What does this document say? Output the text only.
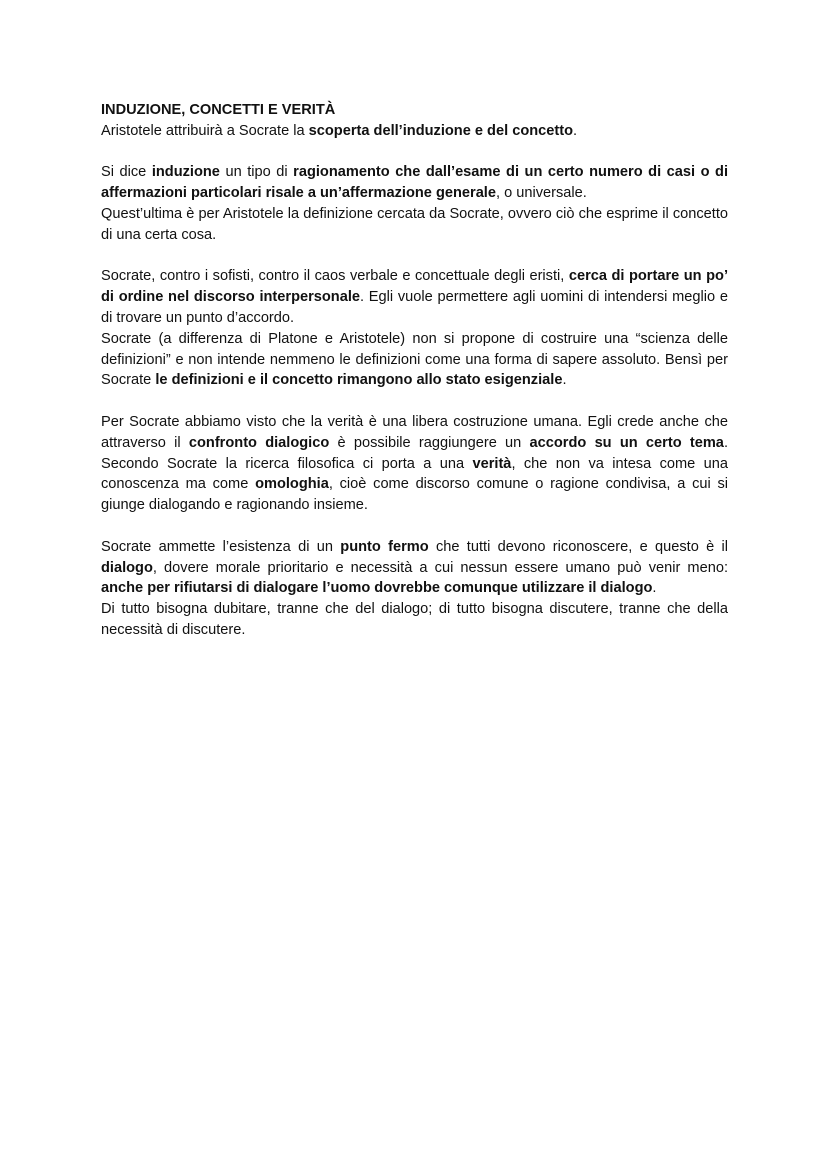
INDUZIONE, CONCETTI E VERITÀ

Aristotele attribuirà a Socrate la scoperta dell’induzione e del concetto.

Si dice induzione un tipo di ragionamento che dall’esame di un certo numero di casi o di affermazioni particolari risale a un’affermazione generale, o universale.

Quest’ultima è per Aristotele la definizione cercata da Socrate, ovvero ciò che esprime il concetto di una certa cosa.

Socrate, contro i sofisti, contro il caos verbale e concettuale degli eristi, cerca di portare un po’ di ordine nel discorso interpersonale. Egli vuole permettere agli uomini di intendersi meglio e di trovare un punto d’accordo.

Socrate (a differenza di Platone e Aristotele) non si propone di costruire una “scienza delle definizioni” e non intende nemmeno le definizioni come una forma di sapere assoluto. Bensì per Socrate le definizioni e il concetto rimangono allo stato esigenziale.

Per Socrate abbiamo visto che la verità è una libera costruzione umana. Egli crede anche che attraverso il confronto dialogico è possibile raggiungere un accordo su un certo tema. Secondo Socrate la ricerca filosofica ci porta a una verità, che non va intesa come una conoscenza ma come omologhia, cioè come discorso comune o ragione condivisa, a cui si giunge dialogando e ragionando insieme.

Socrate ammette l’esistenza di un punto fermo che tutti devono riconoscere, e questo è il dialogo, dovere morale prioritario e necessità a cui nessun essere umano può venir meno: anche per rifiutarsi di dialogare l’uomo dovrebbe comunque utilizzare il dialogo.

Di tutto bisogna dubitare, tranne che del dialogo; di tutto bisogna discutere, tranne che della necessità di discutere.
